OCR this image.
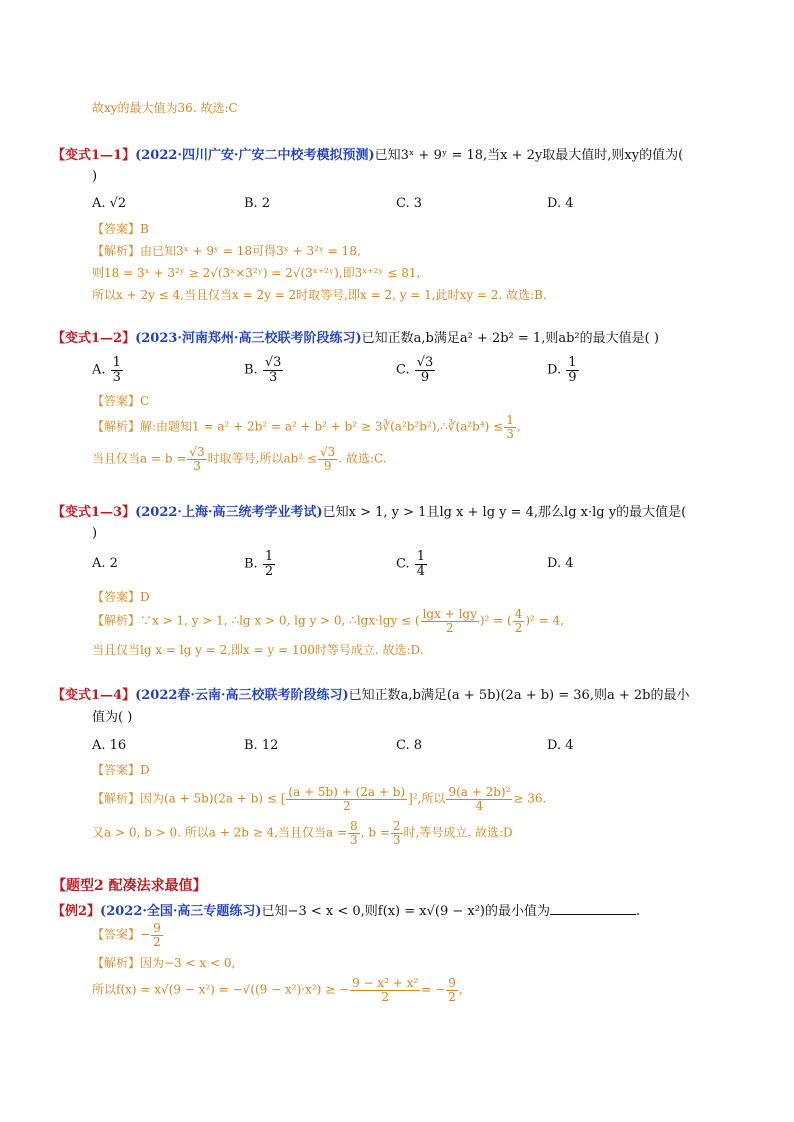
故xy的最大值为36. 故选:C
【变式1—1】(2022·四川广安·广安二中校考模拟预测)已知3ˣ + 9ʸ = 18,当x + 2y取最大值时,则xy的值为(
)
A. √2	B. 2	C. 3	D. 4
【答案】B
【解析】由已知3ˣ + 9ʸ = 18可得3ˣ + 3²ʸ = 18,
则18 = 3ˣ + 3²ʸ ≥ 2√(3ˣ×3²ʸ) = 2√(3ˣ⁺²ʸ),即3ˣ⁺²ʸ ≤ 81,
所以x + 2y ≤ 4,当且仅当x = 2y = 2时取等号,即x = 2, y = 1,此时xy = 2. 故选:B.
【变式1—2】(2023·河南郑州·高三校联考阶段练习)已知正数a,b满足a² + 2b² = 1,则ab²的最大值是( )
A. $\frac{1}{3}$	B. $\frac{√3}{3}$	C. $\frac{√3}{9}$	D. $\frac{1}{9}$
【答案】C
【解析】解:由题知1 = a² + 2b² = a² + b² + b² ≥ 3∛(a²b²b²),∴∛(a²b⁴) ≤ $\frac{1}{3}$ ,
当且仅当$a = b = \frac{√3}{3}$ 时取等号,所以$ab^2 \le \frac{√3}{9}$ . 故选:C.
【变式1—3】(2022·上海·高三统考学业考试)已知x > 1, y > 1且lg x + lg y = 4,那么lg x·lg y的最大值是(
)
A. 2	B. $\frac{1}{2}$	C. $\frac{1}{4}$	D. 4
【答案】D
【解析】∵x > 1, y > 1, ∴lg x > 0, lg y > 0, ∴lgx·lgy ≤ ( $\frac{\lg x + \lg y}{2} )^2$ = ( $\frac{4}{2} )^2 = 4$,
当且仅当lg x = lg y = 2,即x = y = 100时等号成立. 故选:D.
【变式1—4】(2022春·云南·高三校联考阶段练习)已知正数a,b满足(a + 5b)(2a + b) = 36,则a + 2b的最小
值为( )
A. 16	B. 12	C. 8	D. 4
【答案】D
【解析】因为(a + 5b)(2a + b) ≤ [ $\frac{(a + 5b) + (2a + b)}{2} ]^2$,所以 $\frac{\text{9(a + 2b)²}}{4} \ge 36$.
又a > 0, b > 0. 所以a + 2b ≥ 4,当且仅当$a = \frac{8}{3}$ , $b = \frac{2}{3}$ 时,等号成立. 故选:D
【题型2 配凑法求最值】
【例2】(2022·全国·高三专题练习)已知−3 < x < 0,则f(x) = x√(9 − x²)的最小值为	.
【答案】− $\frac{9}{2}$
【解析】因为−3 < x < 0,
所以f(x) = x√(9 − x²) = −√((9 − x²)·x²) ≥ − $\frac{\text{9 − x² + x²}}{2}$ = − $\frac{9}{2}$ ,
